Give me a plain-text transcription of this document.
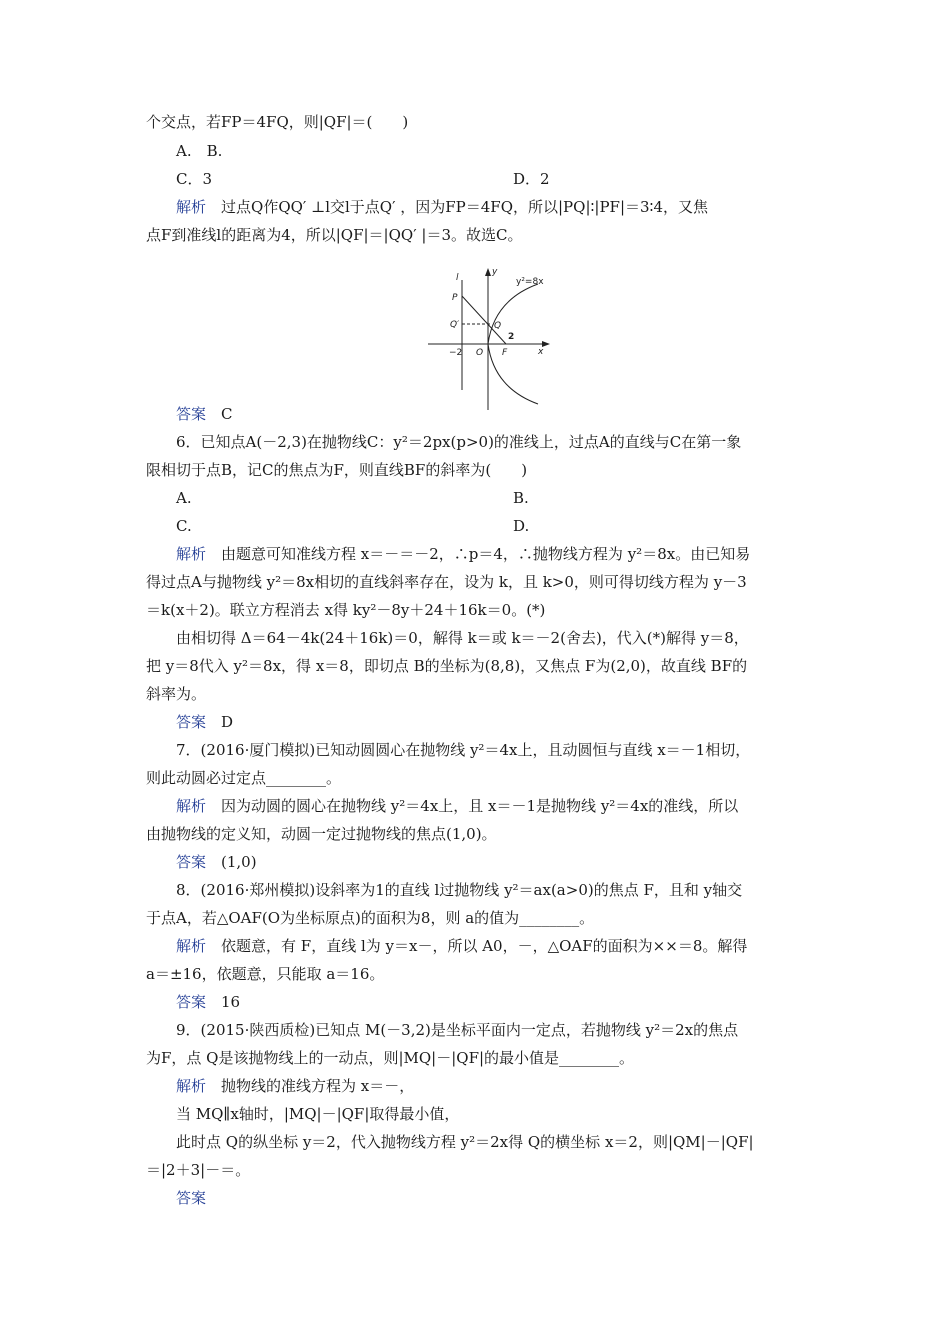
个交点，若FP＝4FQ，则|QF|＝(　　)
A.　B.
C．3	D．2
解析　过点Q作QQ′ ⊥l交l于点Q′ ，因为FP＝4FQ，所以|PQ|∶|PF|＝3∶4，又焦
点F到准线l的距离为4，所以|QF|＝|QQ′ |＝3。故选C。
答案　C
6．已知点A(－2,3)在抛物线C：y²＝2px(p>0)的准线上，过点A的直线与C在第一象
限相切于点B，记C的焦点为F，则直线BF的斜率为(　　)
A.	B.
C.	D.
解析　由题意可知准线方程 x＝－＝－2，∴p＝4，∴抛物线方程为 y²＝8x。由已知易
得过点A与抛物线 y²＝8x相切的直线斜率存在，设为 k，且 k>0，则可得切线方程为 y－3
＝k(x＋2)。联立方程消去 x得 ky²－8y＋24＋16k＝0。(*)
由相切得 Δ＝64－4k(24＋16k)＝0，解得 k＝或 k＝－2(舍去)，代入(*)解得 y＝8，
把 y＝8代入 y²＝8x，得 x＝8，即切点 B的坐标为(8,8)，又焦点 F为(2,0)，故直线 BF的
斜率为。
答案　D
7．(2016·厦门模拟)已知动圆圆心在抛物线 y²＝4x上，且动圆恒与直线 x＝－1相切，
则此动圆必过定点________。
解析　因为动圆的圆心在抛物线 y²＝4x上，且 x＝－1是抛物线 y²＝4x的准线，所以
由抛物线的定义知，动圆一定过抛物线的焦点(1,0)。
答案　(1,0)
8．(2016·郑州模拟)设斜率为1的直线 l过抛物线 y²＝ax(a>0)的焦点 F，且和 y轴交
于点A，若△OAF(O为坐标原点)的面积为8，则 a的值为________。
解析　依题意，有 F，直线 l为 y＝x－，所以 A0，－，△OAF的面积为××＝8。解得
a＝±16，依题意，只能取 a＝16。
答案　16
9．(2015·陕西质检)已知点 M(－3,2)是坐标平面内一定点，若抛物线 y²＝2x的焦点
为F，点 Q是该抛物线上的一动点，则|MQ|－|QF|的最小值是________。
解析　抛物线的准线方程为 x＝－，
当 MQ∥x轴时，|MQ|－|QF|取得最小值，
此时点 Q的纵坐标 y＝2，代入抛物线方程 y²＝2x得 Q的横坐标 x＝2，则|QM|－|QF|
＝|2＋3|－＝。
答案
y²=8x
y
x
l
P
Q′	Q
2
−2 O F
